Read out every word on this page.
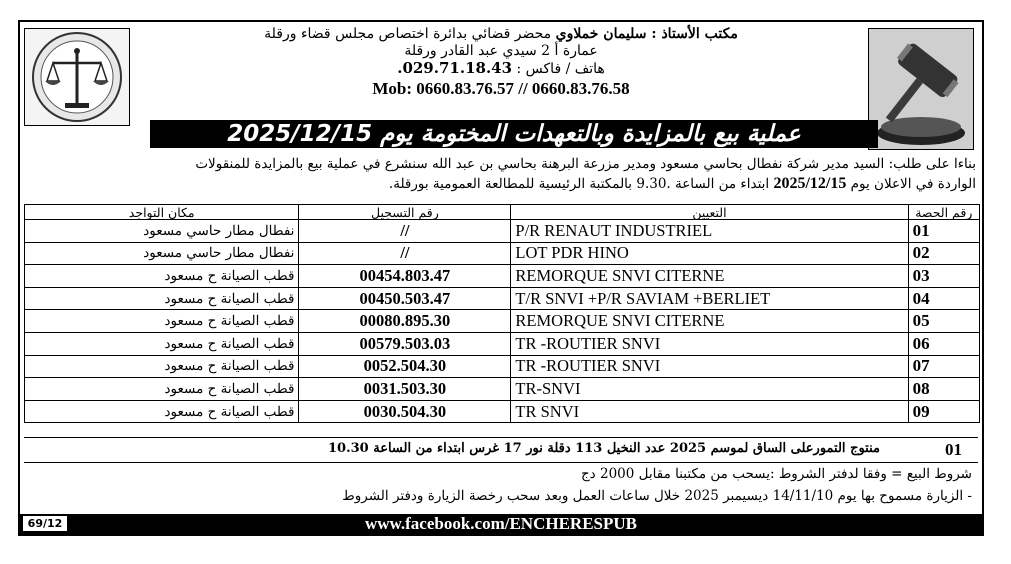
مكتب الأستاذ : سليمان خملاوي محضر قضائي بدائرة اختصاص مجلس قضاء ورقلة
عمارة أ 2 سيدي عبد القادر ورقلة
هاتف / فاكس : 029.71.18.43.
Mob: 0660.83.76.57 // 0660.83.76.58
عملية بيع بالمزايدة وبالتعهدات المختومة يوم 2025/12/15
بناءا على طلب: السيد مدير شركة نفطال بحاسي مسعود ومدير مزرعة البرهنة بحاسي بن عبد الله سنشرع في عملية بيع بالمزايدة للمنقولات
الواردة في الاعلان يوم 2025/12/15 ابتداء من الساعة .9.30 بالمكتبة الرئيسية للمطالعة العمومية بورقلة.
مكان التواجد	رقم التسجيل	التعيين	رقم الحصة
نفطال مطار حاسي مسعود	//	P/R RENAUT INDUSTRIEL	01
نفطال مطار حاسي مسعود	//	LOT PDR HINO	02
قطب الصيانة ح مسعود	00454.803.47	REMORQUE SNVI CITERNE	03
قطب الصيانة ح مسعود	00450.503.47	T/R SNVI +P/R SAVIAM +BERLIET	04
قطب الصيانة ح مسعود	00080.895.30	REMORQUE SNVI CITERNE	05
قطب الصيانة ح مسعود	00579.503.03	TR -ROUTIER SNVI	06
قطب الصيانة ح مسعود	0052.504.30	TR -ROUTIER SNVI	07
قطب الصيانة ح مسعود	0031.503.30	TR-SNVI	08
قطب الصيانة ح مسعود	0030.504.30	TR SNVI	09
01
منتوج التمورعلى الساق لموسم 2025 عدد النخيل 113 دقلة نور 17 غرس ابتداء من الساعة 10.30
شروط البيع = وفقا لدفتر الشروط :يسحب من مكتبنا مقابل 2000 دج
- الزيارة مسموح بها يوم 14/11/10 ديسيمبر 2025 خلال ساعات العمل وبعد سحب رخصة الزيارة ودفتر الشروط
www.facebook.com/ENCHERESPUB
69/12
